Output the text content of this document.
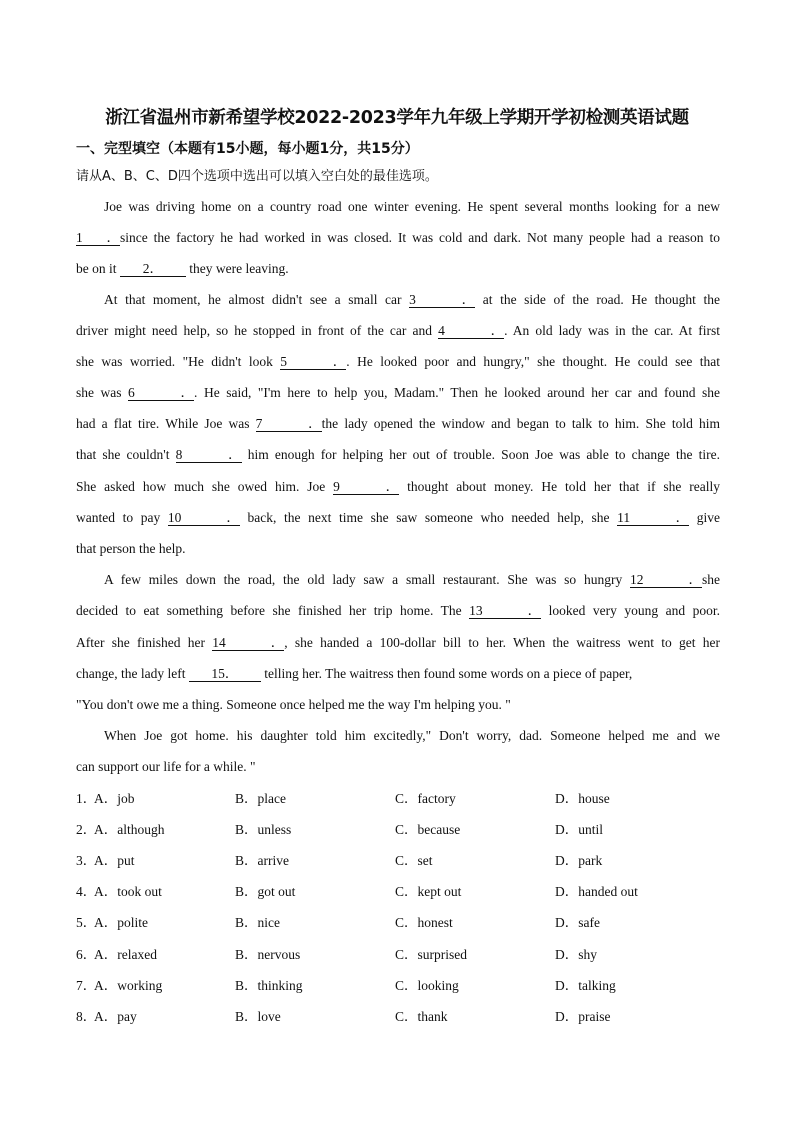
浙江省温州市新希望学校2022-2023学年九年级上学期开学初检测英语试题
一、完型填空（本题有15小题，每小题1分，共15分）
请从A、B、C、D四个选项中选出可以填入空白处的最佳选项。
Joe was driving home on a country road one winter evening. He spent several months looking for a new
1．since the factory he had worked in was closed. It was cold and dark. Not many people had a reason to
be on it 2． they were leaving.
At that moment, he almost didn't see a small car 3． at the side of the road. He thought the
driver might need help, so he stopped in front of the car and 4．. An old lady was in the car. At first
she was worried. "He didn't look 5．. He looked poor and hungry," she thought. He could see that
she was 6．. He said, "I'm here to help you, Madam." Then he looked around her car and found she
had a flat tire. While Joe was 7．the lady opened the window and began to talk to him. She told him
that she couldn't 8． him enough for helping her out of trouble. Soon Joe was able to change the tire.
She asked how much she owed him. Joe 9． thought about money. He told her that if she really
wanted to pay 10． back, the next time she saw someone who needed help, she 11． give
that person the help.
A few miles down the road, the old lady saw a small restaurant. She was so hungry 12．she
decided to eat something before she finished her trip home. The 13． looked very young and poor.
After she finished her 14．, she handed a 100-dollar bill to her. When the waitress went to get her
change, the lady left 15． telling her. The waitress then found some words on a piece of paper,
"You don't owe me a thing. Someone once helped me the way I'm helping you. "
When Joe got home. his daughter told him excitedly," Don't worry, dad. Someone helped me and we
can support our life for a while. "
1．
A．job	B．place	C．factory	D．house
2．
A．although	B．unless	C．because	D．until
3．
A．put	B．arrive	C．set	D．park
4．
A．took out	B．got out	C．kept out	D．handed out
5．
A．polite	B．nice	C．honest	D．safe
6．
A．relaxed	B．nervous	C．surprised	D．shy
7．
A．working	B．thinking	C．looking	D．talking
8．
A．pay	B．love	C．thank	D．praise
